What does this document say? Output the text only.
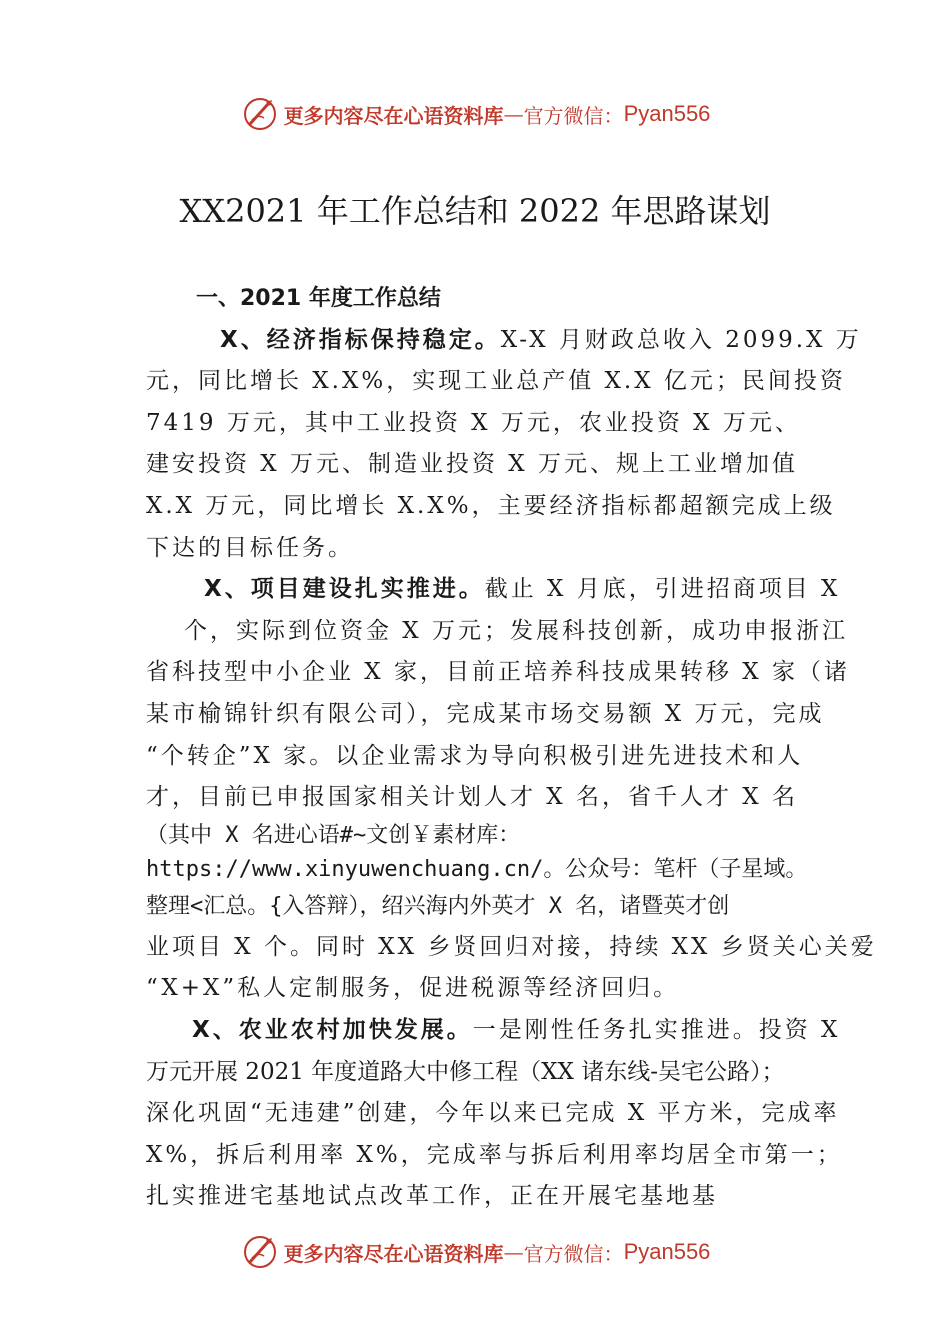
更多内容尽在心语资料库 — 官方微信： Pyan556
XX2021 年工作总结和 2022 年思路谋划
一、2021 年度工作总结
X、经济指标保持稳定。X-X 月财政总收入 2099.X 万
元，同比增长 X.X%，实现工业总产值 X.X 亿元；民间投资
7419 万元，其中工业投资 X 万元，农业投资 X 万元、
建安投资 X 万元、制造业投资 X 万元、规上工业增加值
X.X 万元，同比增长 X.X%，主要经济指标都超额完成上级
下达的目标任务。
X、项目建设扎实推进。截止 X 月底，引进招商项目 X
个，实际到位资金 X 万元；发展科技创新，成功申报浙江
省科技型中小企业 X 家，目前正培养科技成果转移 X 家（诸
某市榆锦针织有限公司），完成某市场交易额 X 万元，完成
“个转企”X 家。以企业需求为导向积极引进先进技术和人
才，目前已申报国家相关计划人才 X 名，省千人才 X 名
（其中 X 名进心语#~文创￥素材库：
https://www.xinyuwenchuang.cn/。公众号：笔杆（子星域。
整理<汇总。{入答辩），绍兴海内外英才 X 名，诸暨英才创
业项目 X 个。同时 XX 乡贤回归对接，持续 XX 乡贤关心关爱
“X+X”私人定制服务，促进税源等经济回归。
X、农业农村加快发展。一是刚性任务扎实推进。投资 X
万元开展 2021 年度道路大中修工程（XX 诸东线-吴宅公路）；
深化巩固“无违建”创建，今年以来已完成 X 平方米，完成率
X%，拆后利用率 X%，完成率与拆后利用率均居全市第一；
扎实推进宅基地试点改革工作，正在开展宅基地基
更多内容尽在心语资料库 — 官方微信： Pyan556
